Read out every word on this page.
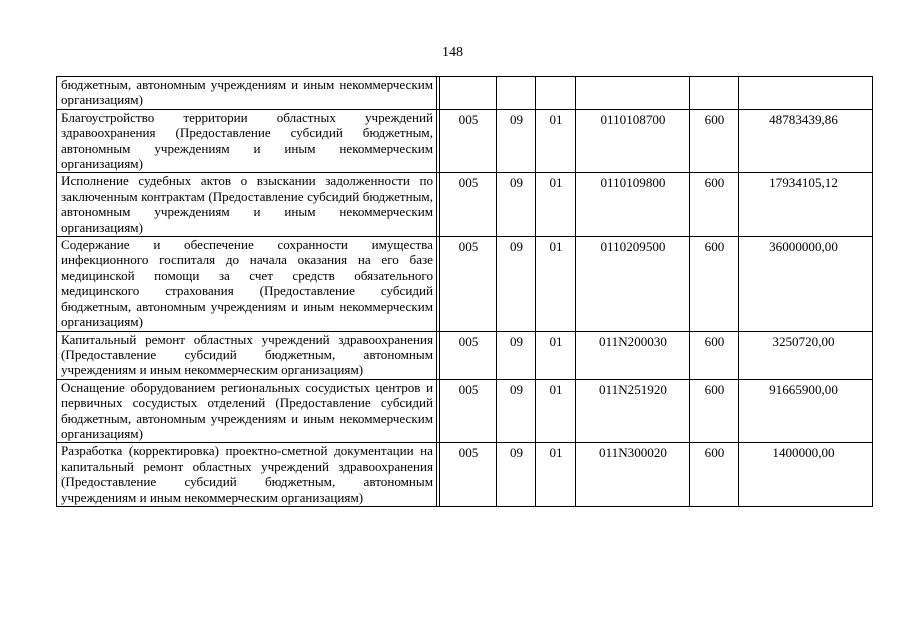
148
бюджетным, автономным учреждениям и иным некоммерческим организациям)							
Благоустройство территории областных учреждений здравоохранения (Предоставление субсидий бюджетным, автономным учреждениям и иным некоммерческим организациям)		005	09	01	0110108700	600	48783439,86
Исполнение судебных актов о взыскании задолженности по заключенным контрактам (Предоставление субсидий бюджетным, автономным учреждениям и иным некоммерческим организациям)		005	09	01	0110109800	600	17934105,12
Содержание и обеспечение сохранности имущества инфекционного госпиталя до начала оказания на его базе медицинской помощи за счет средств обязательного медицинского страхования (Предоставление субсидий бюджетным, автономным учреждениям и иным некоммерческим организациям)		005	09	01	0110209500	600	36000000,00
Капитальный ремонт областных учреждений здравоохранения (Предоставление субсидий бюджетным, автономным учреждениям и иным некоммерческим организациям)		005	09	01	011N200030	600	3250720,00
Оснащение оборудованием региональных сосудистых центров и первичных сосудистых отделений (Предоставление субсидий бюджетным, автономным учреждениям и иным некоммерческим организациям)		005	09	01	011N251920	600	91665900,00
Разработка (корректировка) проектно-сметной документации на капитальный ремонт областных учреждений здравоохранения (Предоставление субсидий бюджетным, автономным учреждениям и иным некоммерческим организациям)		005	09	01	011N300020	600	1400000,00
